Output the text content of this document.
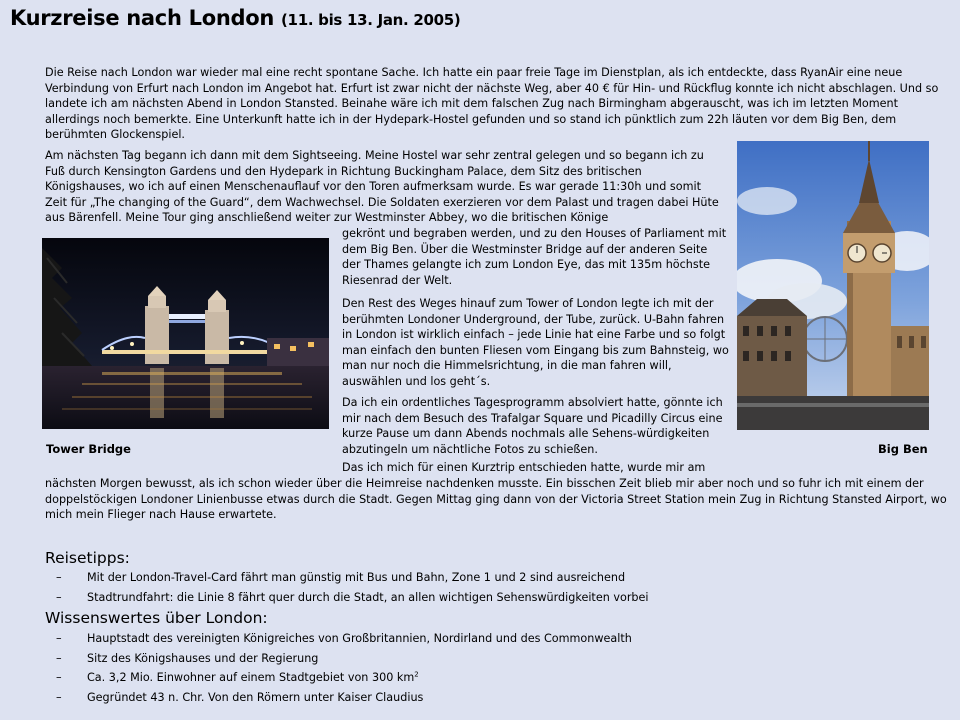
Kurzreise nach London (11. bis 13. Jan. 2005)

Die Reise nach London war wieder mal eine recht spontane Sache. Ich hatte ein paar freie Tage im Dienstplan, als ich entdeckte, dass RyanAir eine neue Verbindung von Erfurt nach London im Angebot hat. Erfurt ist zwar nicht der nächste Weg, aber 40 € für Hin- und Rückflug konnte ich nicht abschlagen. Und so landete ich am nächsten Abend in London Stansted. Beinahe wäre ich mit dem falschen Zug nach Birmingham abgerauscht, was ich im letzten Moment allerdings noch bemerkte. Eine Unterkunft hatte ich in der Hydepark-Hostel gefunden und so stand ich pünktlich zum 22h läuten vor dem Big Ben, dem berühmten Glockenspiel.

Am nächsten Tag begann ich dann mit dem Sightseeing. Meine Hostel war sehr zentral gelegen und so begann ich zu Fuß durch Kensington Gardens und den Hydepark in Richtung Buckingham Palace, dem Sitz des britischen Königshauses, wo ich auf einen Menschenauflauf vor den Toren aufmerksam wurde. Es war gerade 11:30h und somit Zeit für „The changing of the Guard“, dem Wachwechsel. Die Soldaten exerzieren vor dem Palast und tragen dabei Hüte aus Bärenfell. Meine Tour ging anschließend weiter zur Westminster Abbey, wo die britischen Könige

gekrönt und begraben werden, und zu den Houses of Parliament mit dem Big Ben. Über die Westminster Bridge auf der anderen Seite der Thames gelangte ich zum London Eye, das mit 135m höchste Riesenrad der Welt.

Den Rest des Weges hinauf zum Tower of London legte ich mit der berühmten Londoner Underground, der Tube, zurück. U-Bahn fahren in London ist wirklich einfach – jede Linie hat eine Farbe und so folgt man einfach den bunten Fliesen vom Eingang bis zum Bahnsteig, wo man nur noch die Himmelsrichtung, in die man fahren will, auswählen und los geht´s.

Da ich ein ordentliches Tagesprogramm absolviert hatte, gönnte ich mir nach dem Besuch des Trafalgar Square und Picadilly Circus eine kurze Pause um dann Abends nochmals alle Sehens-würdigkeiten abzutingeln um nächtliche Fotos zu schießen.

Das ich mich für einen Kurztrip entschieden hatte, wurde mir am

nächsten Morgen bewusst, als ich schon wieder über die Heimreise nachdenken musste. Ein bisschen Zeit blieb mir aber noch und so fuhr ich mit einem der doppelstöckigen Londoner Linienbusse etwas durch die Stadt. Gegen Mittag ging dann von der Victoria Street Station mein Zug in Richtung Stansted Airport, wo mich mein Flieger nach Hause erwartete.

Tower Bridge	Big Ben

Reisetipps:
– Mit der London-Travel-Card fährt man günstig mit Bus und Bahn, Zone 1 und 2 sind ausreichend
– Stadtrundfahrt: die Linie 8 fährt quer durch die Stadt, an allen wichtigen Sehenswürdigkeiten vorbei
Wissenswertes über London:
– Hauptstadt des vereinigten Königreiches von Großbritannien, Nordirland und des Commonwealth
– Sitz des Königshauses und der Regierung
– Ca. 3,2 Mio. Einwohner auf einem Stadtgebiet von 300 $km^2$
– Gegründet 43 n. Chr. Von den Römern unter Kaiser Claudius
